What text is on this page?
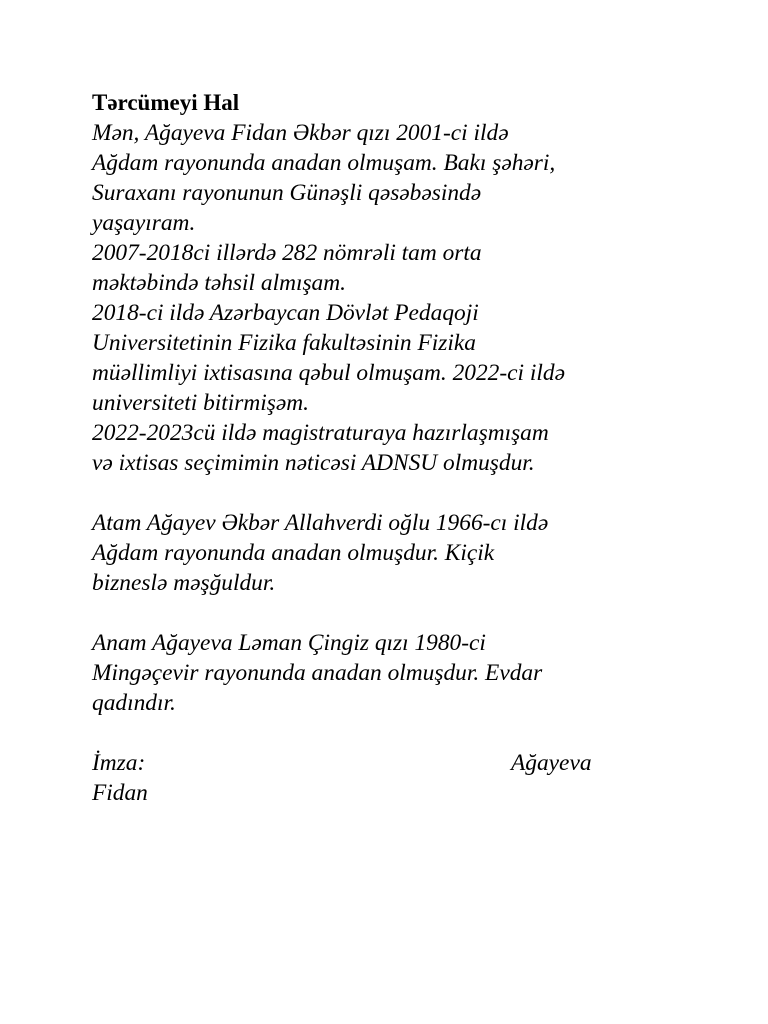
Tərcümeyi Hal

Mən, Ağayeva Fidan Əkbər qızı 2001-ci ildə
Ağdam rayonunda anadan olmuşam. Bakı şəhəri,
Suraxanı rayonunun Günəşli qəsəbəsində
yaşayıram.
2007-2018ci illərdə 282 nömrəli tam orta
məktəbində təhsil almışam.
2018-ci ildə Azərbaycan Dövlət Pedaqoji
Universitetinin Fizika fakultəsinin Fizika
müəllimliyi ixtisasına qəbul olmuşam. 2022-ci ildə
universiteti bitirmişəm.
2022-2023cü ildə magistraturaya hazırlaşmışam
və ixtisas seçimimin nəticəsi ADNSU olmuşdur.

Atam Ağayev Əkbər Allahverdi oğlu 1966-cı ildə
Ağdam rayonunda anadan olmuşdur. Kiçik
bizneslə məşğuldur.

Anam Ağayeva Ləman Çingiz qızı 1980-ci
Mingəçevir rayonunda anadan olmuşdur. Evdar
qadındır.

İmza:	Ağayeva
Fidan
